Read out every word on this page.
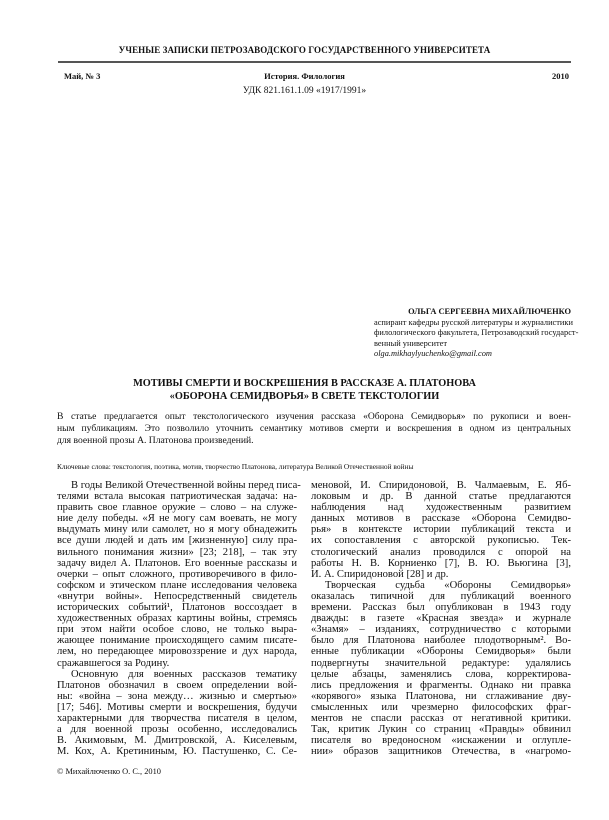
УЧЕНЫЕ ЗАПИСКИ ПЕТРОЗАВОДСКОГО ГОСУДАРСТВЕННОГО УНИВЕРСИТЕТА
Май, № 3	История. Филология	2010
УДК 821.161.1.09 «1917/1991»
ОЛЬГА СЕРГЕЕВНА МИХАЙЛЮЧЕНКО
аспирант кафедры русской литературы и журналистики
филологического факультета, Петрозаводский государст-
венный университет
olga.mikhaylyuchenko@gmail.com
МОТИВЫ СМЕРТИ И ВОСКРЕШЕНИЯ В РАССКАЗЕ А. ПЛАТОНОВА
«ОБОРОНА СЕМИДВОРЬЯ» В СВЕТЕ ТЕКСТОЛОГИИ
В статье предлагается опыт текстологического изучения рассказа «Оборона Семидворья» по рукописи и воен-
ным публикациям. Это позволило уточнить семантику мотивов смерти и воскрешения в одном из центральных
для военной прозы А. Платонова произведений.
Ключевые слова: текстология, поэтика, мотив, творчество Платонова, литература Великой Отечественной войны
В годы Великой Отечественной войны перед писа-
телями встала высокая патриотическая задача: на-
править свое главное оружие – слово – на служе-
ние делу победы. «Я не могу сам воевать, не могу
выдумать мину или самолет, но я могу обнадежить
все души людей и дать им [жизненную] силу пра-
вильного понимания жизни» [23; 218], – так эту
задачу видел А. Платонов. Его военные рассказы и
очерки – опыт сложного, противоречивого в фило-
софском и этическом плане исследования человека
«внутри войны». Непосредственный свидетель
исторических событий¹, Платонов воссоздает в
художественных образах картины войны, стремясь
при этом найти особое слово, не только выра-
жающее понимание происходящего самим писате-
лем, но передающее мировоззрение и дух народа,
сражавшегося за Родину.
Основную для военных рассказов тематику
Платонов обозначил в своем определении вой-
ны: «война – зона между… жизнью и смертью»
[17; 546]. Мотивы смерти и воскрешения, будучи
характерными для творчества писателя в целом,
а для военной прозы особенно, исследовались
В. Акимовым, М. Дмитровской, А. Киселевым,
М. Кох, А. Кретининым, Ю. Пастушенко, С. Се-
меновой, И. Спиридоновой, В. Чалмаевым, Е. Яб-
локовым и др. В данной статье предлагаются
наблюдения над художественным развитием
данных мотивов в рассказе «Оборона Семидво-
рья» в контексте истории публикаций текста и
их сопоставления с авторской рукописью. Тек-
стологический анализ проводился с опорой на
работы Н. В. Корниенко [7], В. Ю. Вьюгина [3],
И. А. Спиридоновой [28] и др.
Творческая судьба «Обороны Семидворья»
оказалась типичной для публикаций военного
времени. Рассказ был опубликован в 1943 году
дважды: в газете «Красная звезда» и журнале
«Знамя» – изданиях, сотрудничество с которыми
было для Платонова наиболее плодотворным². Во-
енные публикации «Обороны Семидворья» были
подвергнуты значительной редактуре: удалялись
целые абзацы, заменялись слова, корректирова-
лись предложения и фрагменты. Однако ни правка
«корявого» языка Платонова, ни сглаживание дву-
смысленных или чрезмерно философских фраг-
ментов не спасли рассказ от негативной критики.
Так, критик Лукин со страниц «Правды» обвинил
писателя во вредоносном «искажении и оглупле-
нии» образов защитников Отечества, в «нагромо-
© Михайлюченко О. С., 2010
